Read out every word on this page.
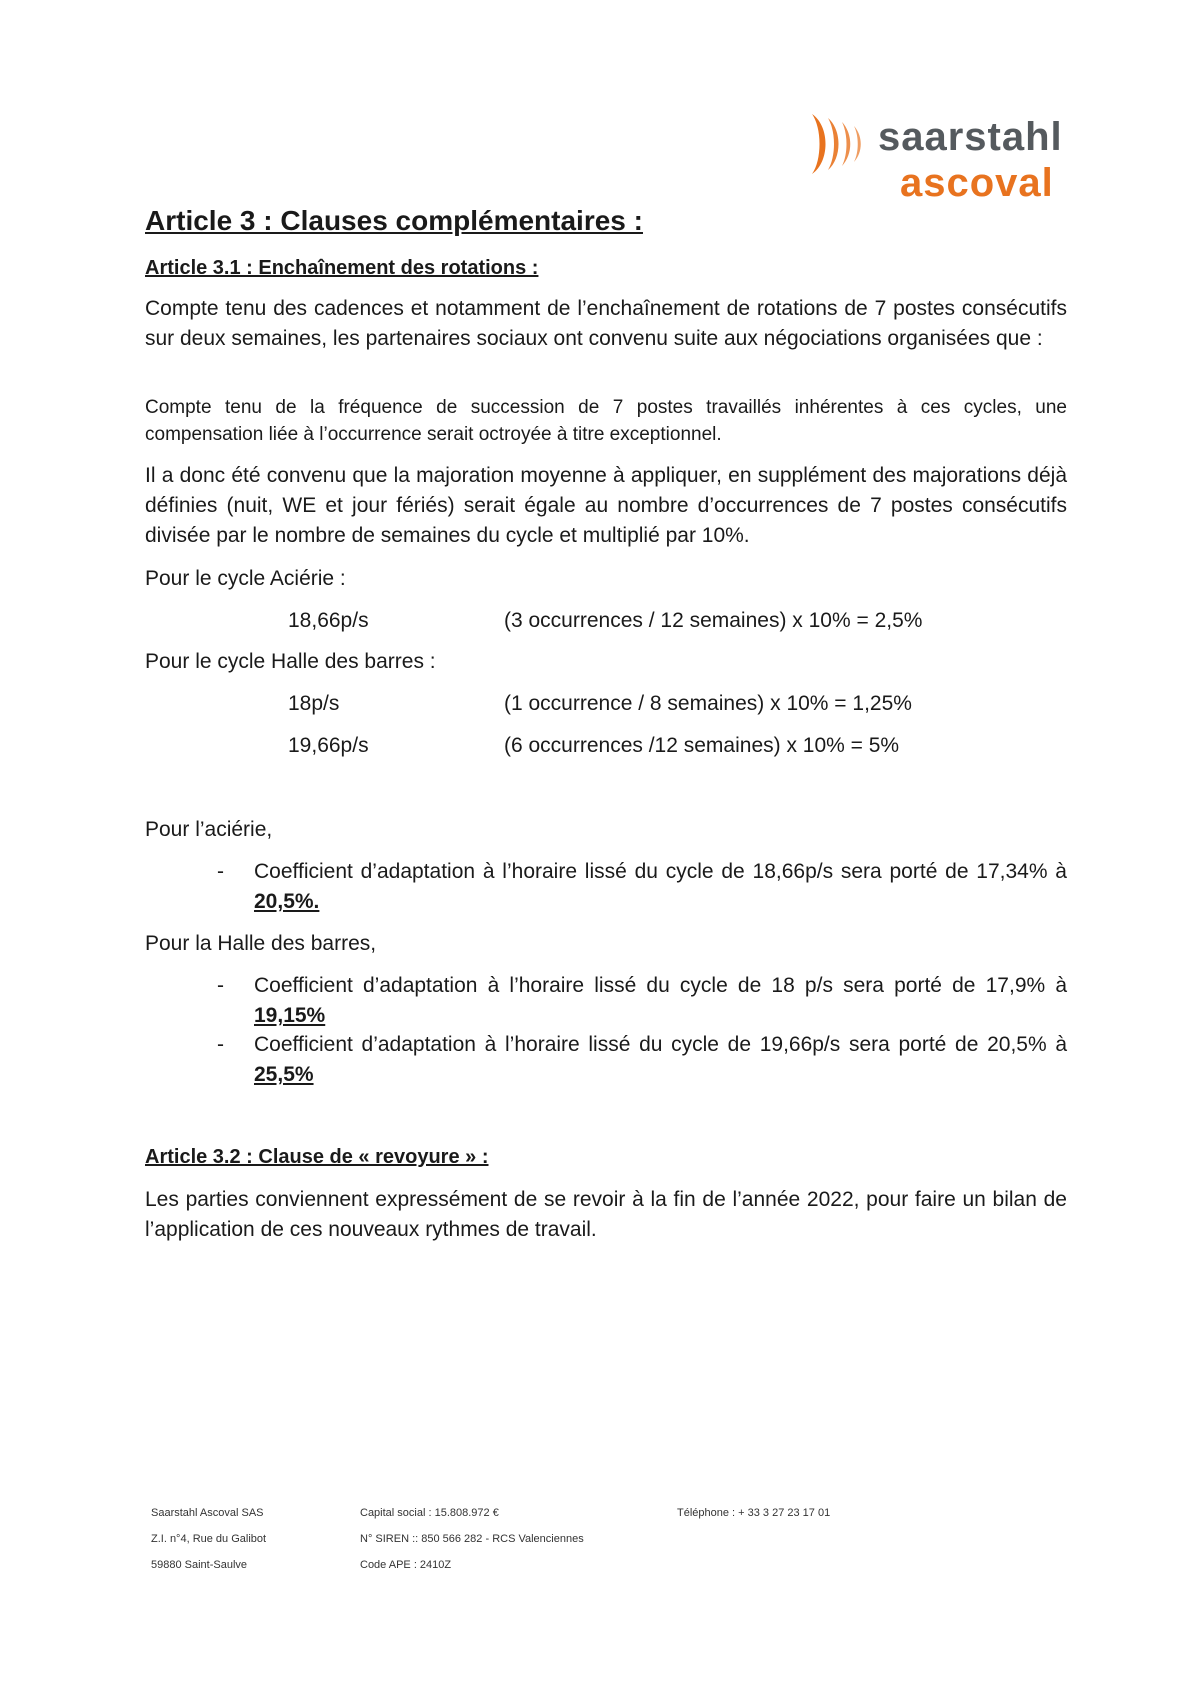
saarstahl
ascoval
Article 3 : Clauses complémentaires :
Article 3.1 : Enchaînement des rotations :
Compte tenu des cadences et notamment de l’enchaînement de rotations de 7 postes consécutifs sur deux semaines, les partenaires sociaux ont convenu suite aux négociations organisées que :
Compte tenu de la fréquence de succession de 7 postes travaillés inhérentes à ces cycles, une compensation liée à l’occurrence serait octroyée à titre exceptionnel.
Il a donc été convenu que la majoration moyenne à appliquer, en supplément des majorations déjà définies (nuit, WE et jour fériés) serait égale au nombre d’occurrences de 7 postes consécutifs divisée par le nombre de semaines du cycle et multiplié par 10%.
Pour le cycle Aciérie :
18,66p/s	(3 occurrences / 12 semaines) x 10% = 2,5%
Pour le cycle Halle des barres :
18p/s	(1 occurrence / 8 semaines) x 10% = 1,25%
19,66p/s	(6 occurrences /12 semaines) x 10% = 5%
Pour l’aciérie,
- Coefficient d’adaptation à l’horaire lissé du cycle de 18,66p/s sera porté de 17,34% à 20,5%.
Pour la Halle des barres,
- Coefficient d’adaptation à l’horaire lissé du cycle de 18 p/s sera porté de 17,9% à 19,15%
- Coefficient d’adaptation à l’horaire lissé du cycle de 19,66p/s sera porté de 20,5% à 25,5%
Article 3.2 : Clause de « revoyure » :
Les parties conviennent expressément de se revoir à la fin de l’année 2022, pour faire un bilan de l’application de ces nouveaux rythmes de travail.
Saarstahl Ascoval SAS
Z.I. n°4, Rue du Galibot
59880 Saint-Saulve
Capital social : 15.808.972 €
N° SIREN :: 850 566 282 - RCS Valenciennes
Code APE : 2410Z
Téléphone : + 33 3 27 23 17 01
